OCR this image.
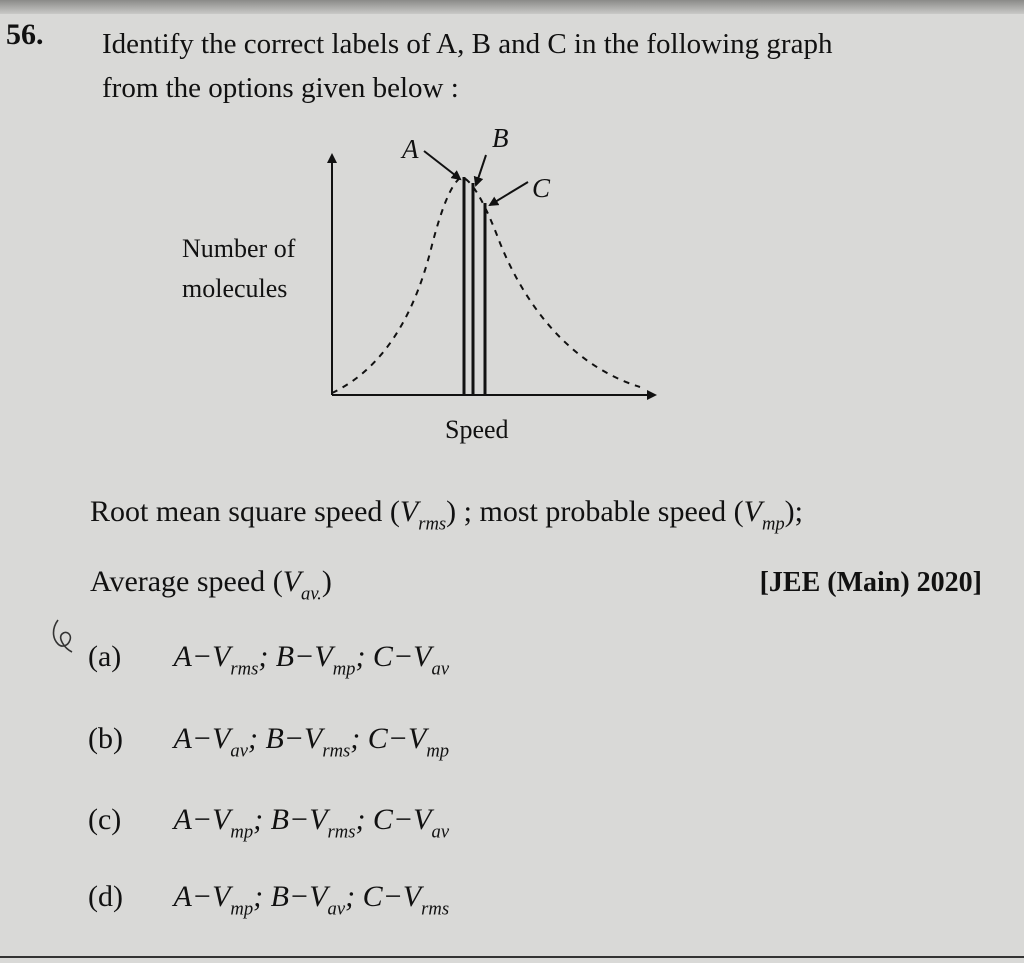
56. Identify the correct labels of A, B and C in the following graph
from the options given below :
A	B
C
Number of
molecules
Speed
Root mean square speed $(V_{rms})$ ; most probable speed $(V_{mp})$;
Average speed $(V_{av.})$	[JEE (Main) 2020]
(a) $A-V_{rms}$; $B-V_{mp}$; $C-V_{av}$
(b) $A-V_{av}$; $B-V_{rms}$; $C-V_{mp}$
(c) $A-V_{mp}$; $B-V_{rms}$; $C-V_{av}$
(d) $A-V_{mp}$; $B-V_{av}$; $C-V_{rms}$
